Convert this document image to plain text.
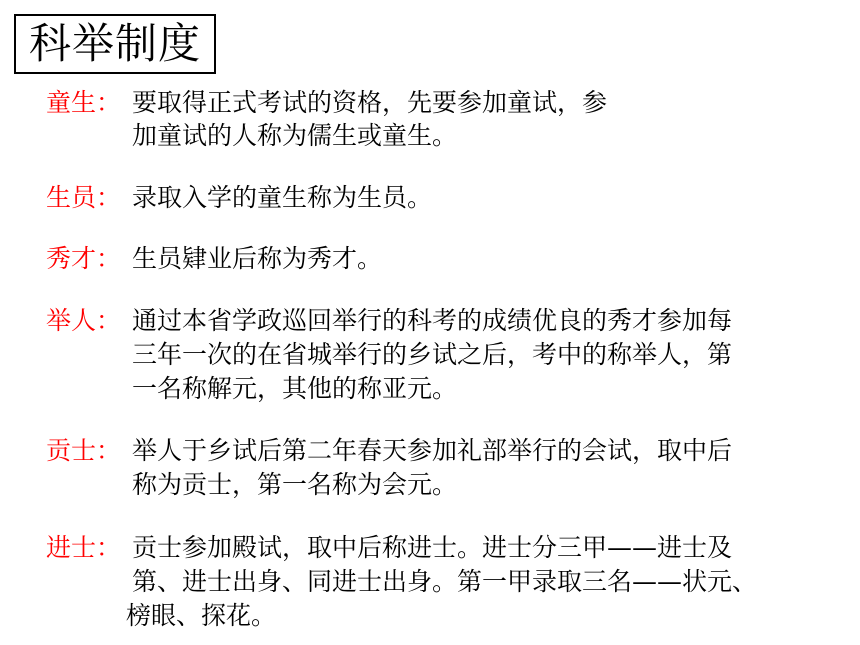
科举制度
童生： 要取得正式考试的资格，先要参加童试，参
加童试的人称为儒生或童生。
生员： 录取入学的童生称为生员。
秀才： 生员肄业后称为秀才。
举人： 通过本省学政巡回举行的科考的成绩优良的秀才参加每
三年一次的在省城举行的乡试之后，考中的称举人，第
一名称解元，其他的称亚元。
贡士： 举人于乡试后第二年春天参加礼部举行的会试，取中后
称为贡士，第一名称为会元。
进士： 贡士参加殿试，取中后称进士。进士分三甲——进士及
第、进士出身、同进士出身。第一甲录取三名——状元、
榜眼、探花。
